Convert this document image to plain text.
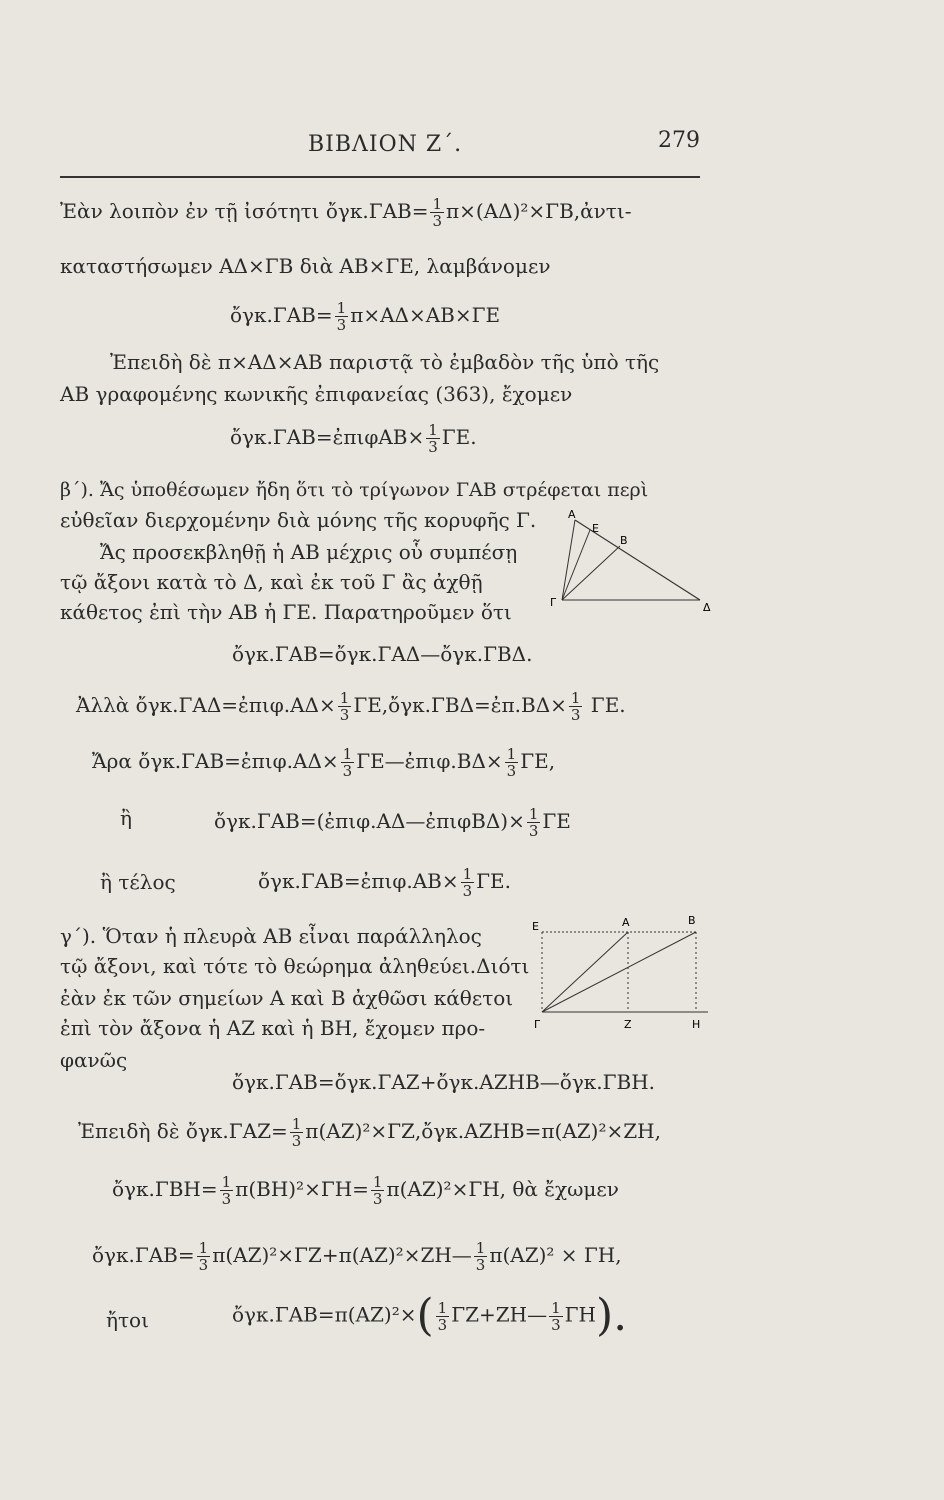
ΒΙΒΛΙΟΝ Ζ΄.	279
Ἐὰν λοιπὸν ἐν τῇ ἰσότητι ὄγκ.ΓΑΒ= $\frac{1}{3}$ π×(ΑΔ)²×ΓΒ,ἀντι-
καταστήσωμεν ΑΔ×ΓΒ διὰ ΑΒ×ΓΕ, λαμβάνομεν
ὄγκ.ΓΑΒ= $\frac{1}{3} \pi\times A\Delta\times AB\times\Gamma E$
Ἐπειδὴ δὲ π×ΑΔ×ΑΒ παριστᾷ τὸ ἐμβαδὸν τῆς ὑπὸ τῆς
ΑΒ γραφομένης κωνικῆς ἐπιφανείας (363), ἔχομεν
ὄγκ.ΓΑΒ=ἐπιφΑΒ× $\frac{1}{3} \Gamma E$.
β΄). Ἄς ὑποθέσωμεν ἤδη ὅτι τὸ τρίγωνον ΓΑΒ στρέφεται περὶ
εὐθεῖαν διερχομένην διὰ μόνης τῆς κορυφῆς Γ.
Ἄς προσεκβληθῇ ἡ ΑΒ μέχρις οὗ συμπέσῃ
τῷ ἄξονι κατὰ τὸ Δ, καὶ ἐκ τοῦ Γ ἂς ἀχθῇ
κάθετος ἐπὶ τὴν ΑΒ ἡ ΓΕ. Παρατηροῦμεν ὅτι
Α
Ε
Β
Γ	Δ
ὄγκ.ΓΑΒ=ὄγκ.ΓΑΔ—ὄγκ.ΓΒΔ.
Ἀλλὰ ὄγκ.ΓΑΔ=ἐπιφ.ΑΔ× $\frac{1}{3}$ ΓΕ,ὄγκ.ΓΒΔ=ἐπ.ΒΔ× $\frac{1}{3} \Gamma E$.
Ἄρα ὄγκ.ΓΑΒ=ἐπιφ.ΑΔ× $\frac{1}{3}$ ΓΕ—ἐπιφ.ΒΔ× $\frac{1}{3} \Gamma E$,
ἢ	ὄγκ.ΓΑΒ=(ἐπιφ.ΑΔ—ἐπιφΒΔ)× $\frac{1}{3}$ ΓΕ
ἢ τέλος	ὄγκ.ΓΑΒ=ἐπιφ.ΑΒ× $\frac{1}{3} \Gamma E$.
γ΄). Ὅταν ἡ πλευρὰ ΑΒ εἶναι παράλληλος
τῷ ἄξονι, καὶ τότε τὸ θεώρημα ἀληθεύει.Διότι
ἐὰν ἐκ τῶν σημείων Α καὶ Β ἀχθῶσι κάθετοι
ἐπὶ τὸν ἄξονα ἡ ΑΖ καὶ ἡ ΒΗ, ἔχομεν προ-
φανῶς
Ε	Α	Β
Γ	Ζ	Η
ὄγκ.ΓΑΒ=ὄγκ.ΓΑΖ+ὄγκ.ΑΖΗΒ—ὄγκ.ΓΒΗ.
Ἐπειδὴ δὲ ὄγκ.ΓΑΖ= $\frac{1}{3}$ π(ΑΖ)²×ΓΖ,ὄγκ.ΑΖΗΒ=π(ΑΖ)²×ΖΗ,
ὄγκ.ΓΒΗ= $\frac{1}{3} \pi(BH)^2\times\Gamma H= \frac{1}{3} \pi(AZ)^2\times\Gamma H$, θὰ ἔχωμεν
ὄγκ.ΓΑΒ= $\frac{1}{3}$ π(ΑΖ)²×ΓΖ+π(ΑΖ)²×ΖΗ— $\frac{1}{3} \pi(AZ)^2 \times \Gamma H$,
ἤτοι	ὄγκ.ΓΑΒ=π(ΑΖ)²×( $\frac{1}{3}$ ΓΖ+ΖΗ— $\frac{1}{3} \Gamma H$).
